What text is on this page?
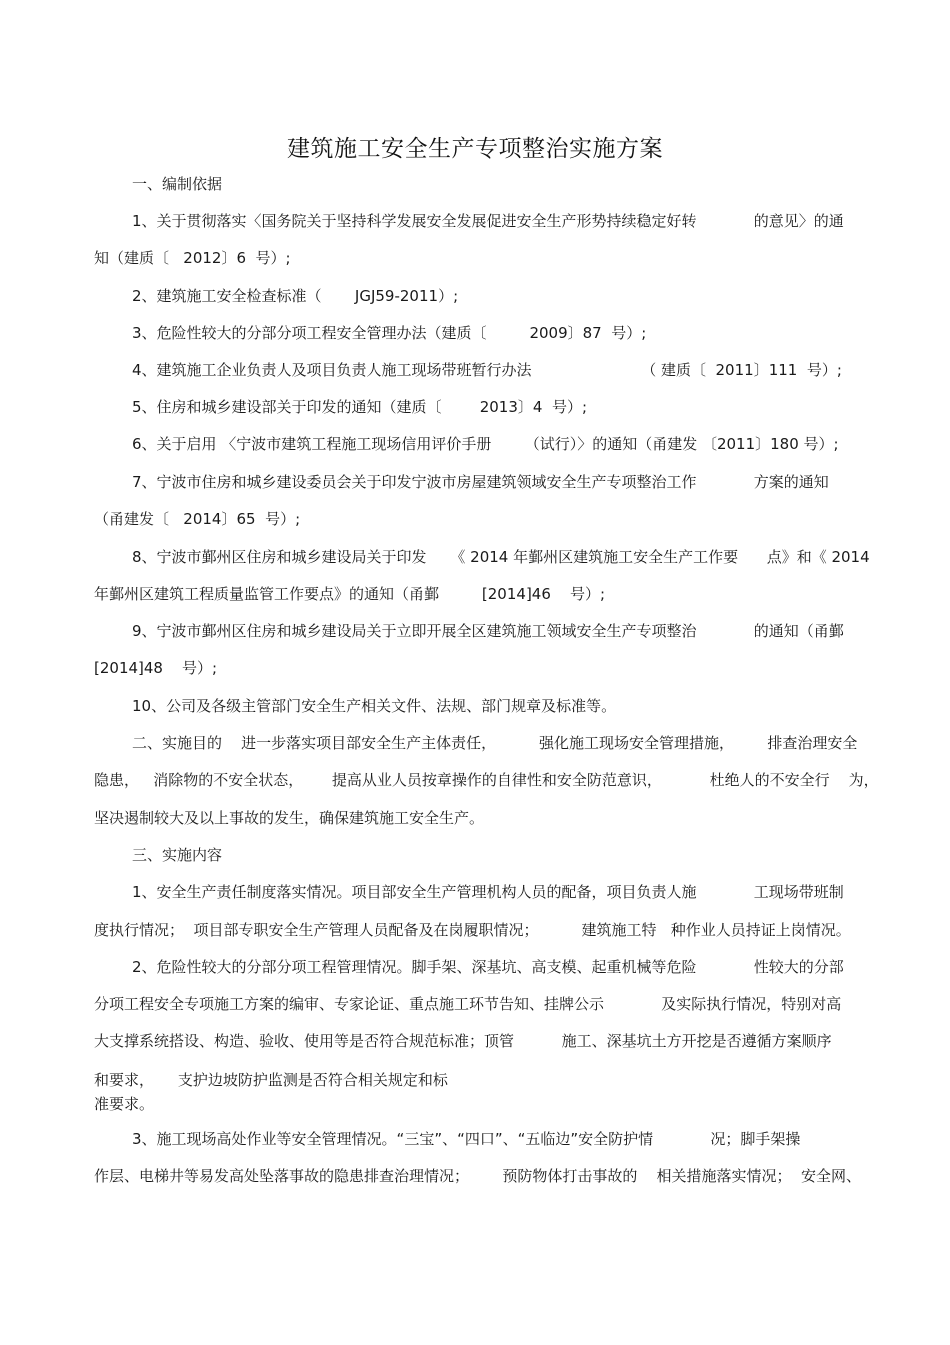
建筑施工安全生产专项整治实施方案
一、编制依据
1、关于贯彻落实〈国务院关于坚持科学发展安全发展促进安全生产形势持续稳定好转            的意见〉的通
知（建质〔   2012〕6  号）;
2、建筑施工安全检查标准（       JGJ59-2011）;
3、危险性较大的分部分项工程安全管理办法（建质〔         2009〕87  号）;
4、建筑施工企业负责人及项目负责人施工现场带班暂行办法                       （ 建质〔  2011〕111  号）;
5、住房和城乡建设部关于印发的通知（建质〔        2013〕4  号）;
6、关于启用 〈宁波市建筑工程施工现场信用评价手册       （试行）〉的通知（甬建发 〔2011〕180 号）;
7、宁波市住房和城乡建设委员会关于印发宁波市房屋建筑领域安全生产专项整治工作            方案的通知
（甬建发〔   2014〕65  号）;
8、宁波市鄞州区住房和城乡建设局关于印发     《 2014 年鄞州区建筑施工安全生产工作要      点》和《 2014
年鄞州区建筑工程质量监管工作要点》的通知（甬鄞         [2014]46    号）;
9、宁波市鄞州区住房和城乡建设局关于立即开展全区建筑施工领域安全生产专项整治            的通知（甬鄞
[2014]48    号）;
10、公司及各级主管部门安全生产相关文件、法规、部门规章及标准等。
二、实施目的    进一步落实项目部安全生产主体责任，         强化施工现场安全管理措施，       排查治理安全
隐患，   消除物的不安全状态，      提高从业人员按章操作的自律性和安全防范意识，          杜绝人的不安全行    为，
坚决遏制较大及以上事故的发生，确保建筑施工安全生产。
三、实施内容
1、安全生产责任制度落实情况。项目部安全生产管理机构人员的配备，项目负责人施            工现场带班制
度执行情况；  项目部专职安全生产管理人员配备及在岗履职情况；         建筑施工特   种作业人员持证上岗情况。
2、危险性较大的分部分项工程管理情况。脚手架、深基坑、高支模、起重机械等危险            性较大的分部
分项工程安全专项施工方案的编审、专家论证、重点施工环节告知、挂牌公示            及实际执行情况，特别对高
大支撑系统搭设、构造、验收、使用等是否符合规范标准；顶管          施工、深基坑土方开挖是否遵循方案顺序
和要求，     支护边坡防护监测是否符合相关规定和标
准要求。
3、施工现场高处作业等安全管理情况。“三宝”、“四口”、“五临边”安全防护情            况；脚手架操
作层、电梯井等易发高处坠落事故的隐患排查治理情况；       预防物体打击事故的    相关措施落实情况；  安全网、
